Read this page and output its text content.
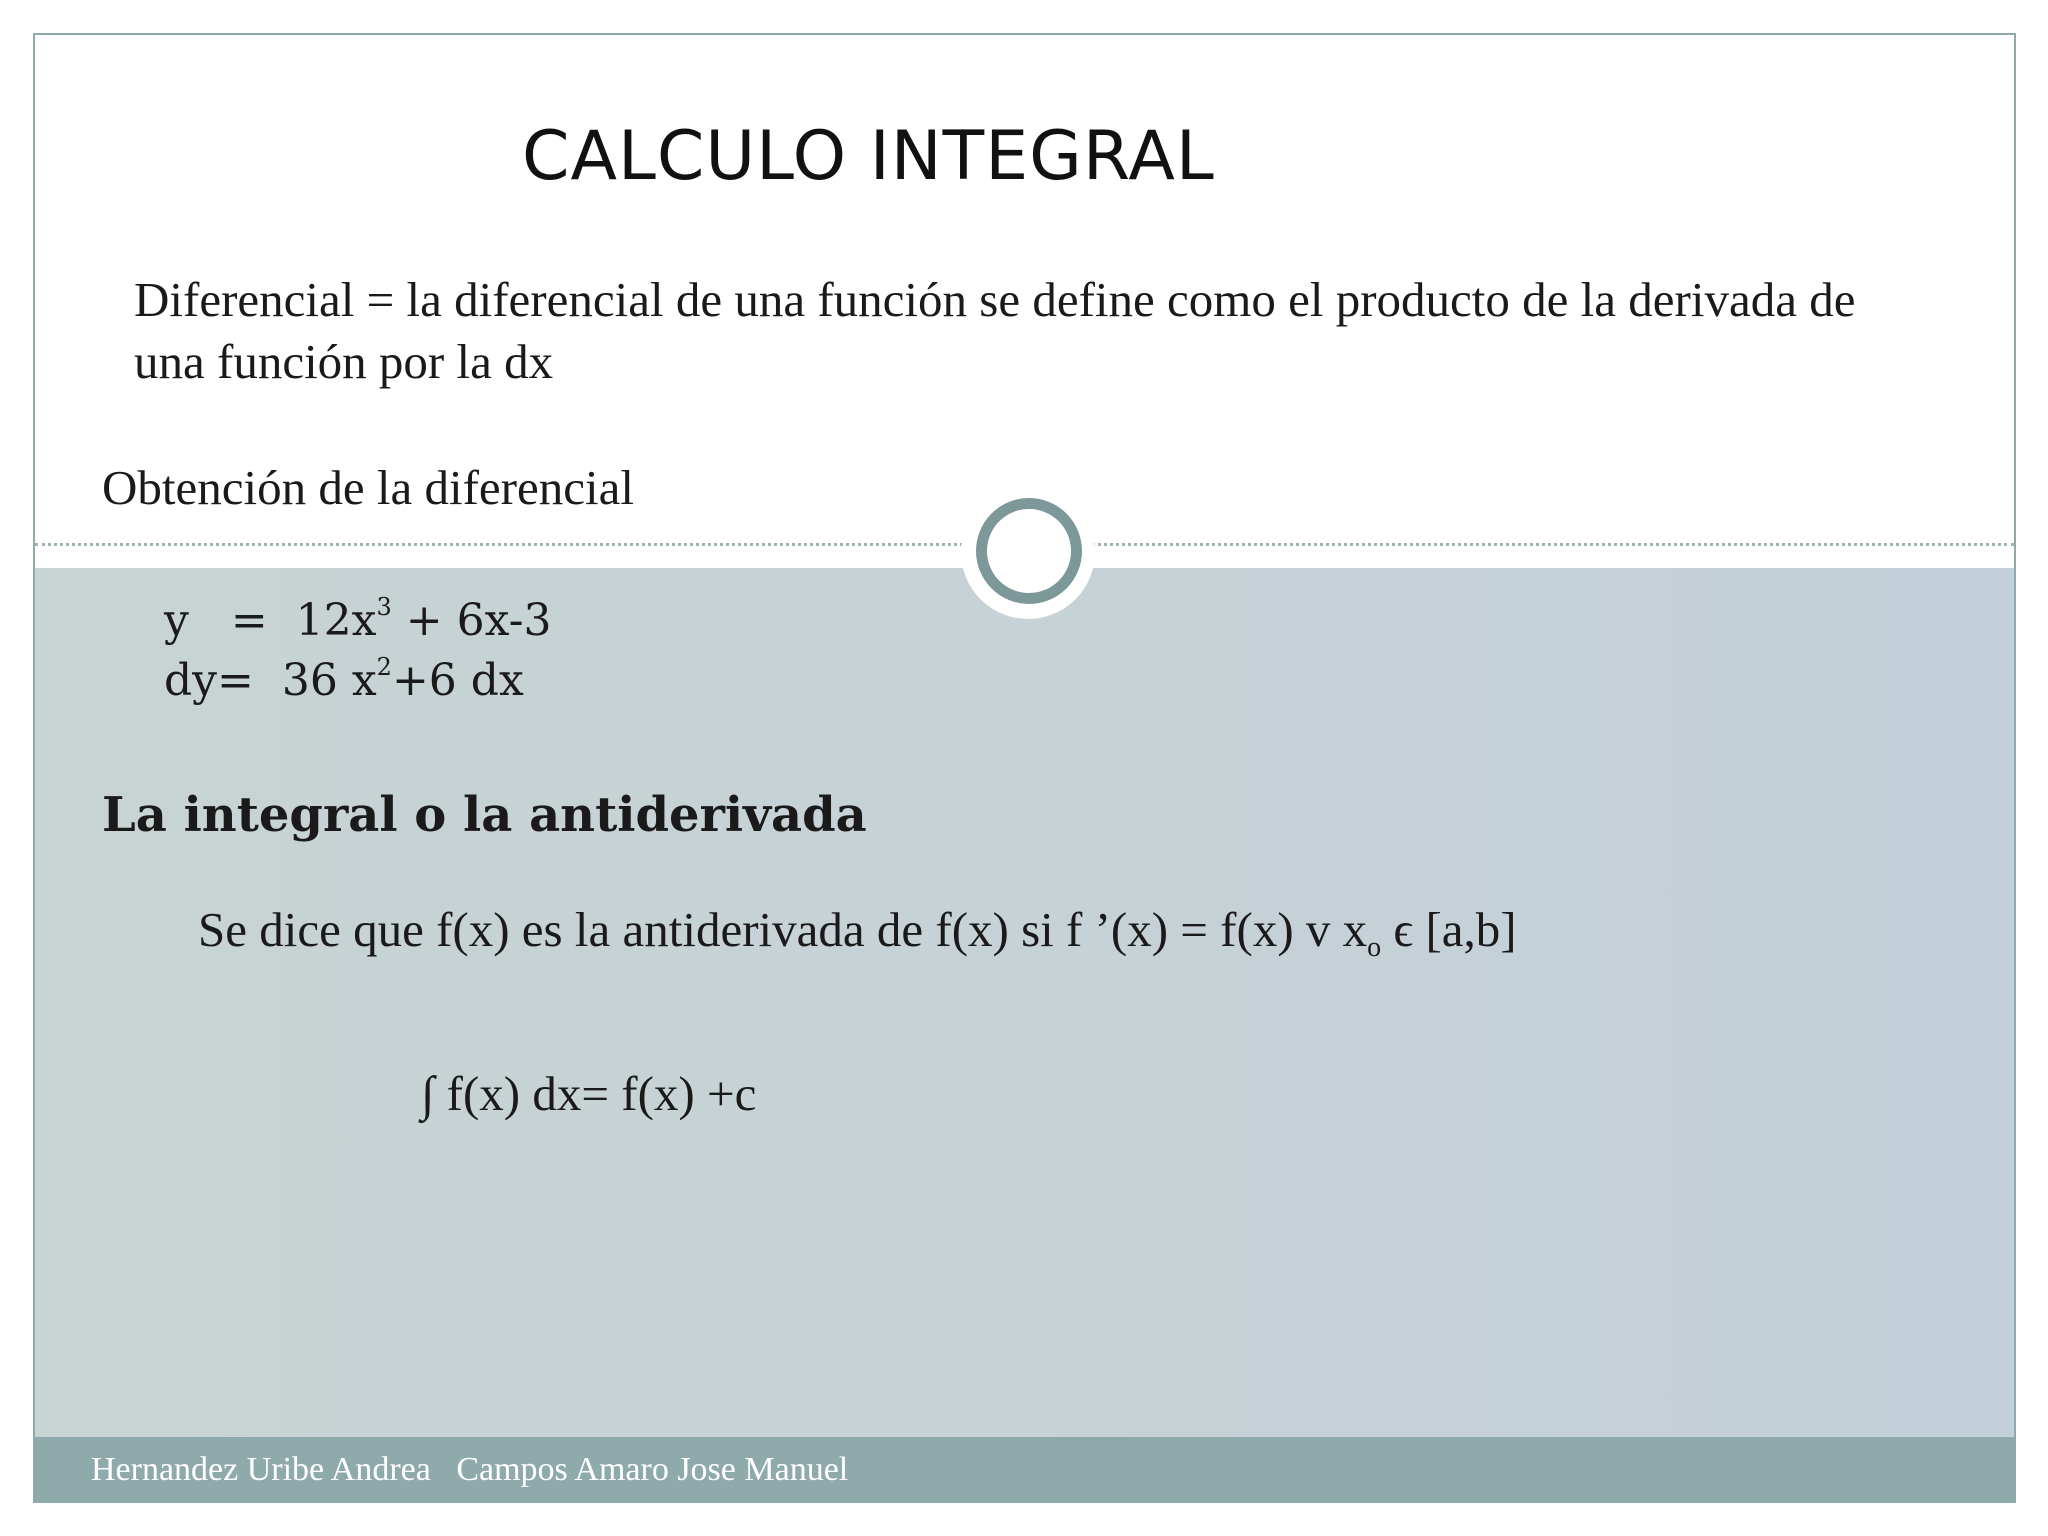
CALCULO INTEGRAL

Diferencial = la diferencial de una función se define como el producto de la derivada de una función por la dx

Obtención de la diferencial

$y = 12x^3 + 6x-3$
dy=  36 $x^2+6$ dx
La integral o la antiderivada
Se dice que f(x) es la antiderivada de f(x) si f ’(x) = f(x) v $x_o$ ϵ [a,b]
∫ f(x) dx= f(x) +c
Hernandez Uribe Andrea   Campos Amaro Jose Manuel
